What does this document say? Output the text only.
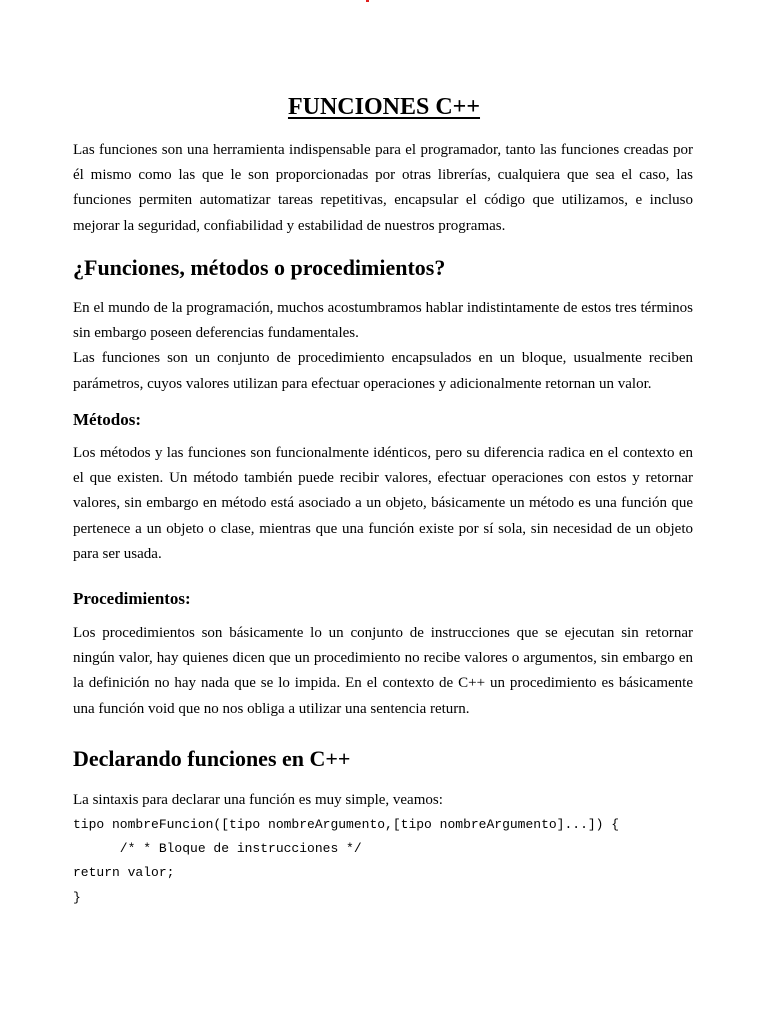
FUNCIONES C++

Las funciones son una herramienta indispensable para el programador, tanto las funciones creadas por él mismo como las que le son proporcionadas por otras librerías, cualquiera que sea el caso, las funciones permiten automatizar tareas repetitivas, encapsular el código que utilizamos, e incluso mejorar la seguridad, confiabilidad y estabilidad de nuestros programas.

¿Funciones, métodos o procedimientos?

En el mundo de la programación, muchos acostumbramos hablar indistintamente de estos tres términos sin embargo poseen deferencias fundamentales.

Las funciones son un conjunto de procedimiento encapsulados en un bloque, usualmente reciben parámetros, cuyos valores utilizan para efectuar operaciones y adicionalmente retornan un valor.

Métodos:

Los métodos y las funciones son funcionalmente idénticos, pero su diferencia radica en el contexto en el que existen. Un método también puede recibir valores, efectuar operaciones con estos y retornar valores, sin embargo en método está asociado a un objeto, básicamente un método es una función que pertenece a un objeto o clase, mientras que una función existe por sí sola, sin necesidad de un objeto para ser usada.

Procedimientos:

Los procedimientos son básicamente lo un conjunto de instrucciones que se ejecutan sin retornar ningún valor, hay quienes dicen que un procedimiento no recibe valores o argumentos, sin embargo en la definición no hay nada que se lo impida. En el contexto de C++ un procedimiento es básicamente una función void que no nos obliga a utilizar una sentencia return.

Declarando funciones en C++

La sintaxis para declarar una función es muy simple, veamos:

tipo nombreFuncion([tipo nombreArgumento,[tipo nombreArgumento]...]) {
/* * Bloque de instrucciones */
return valor;
}
